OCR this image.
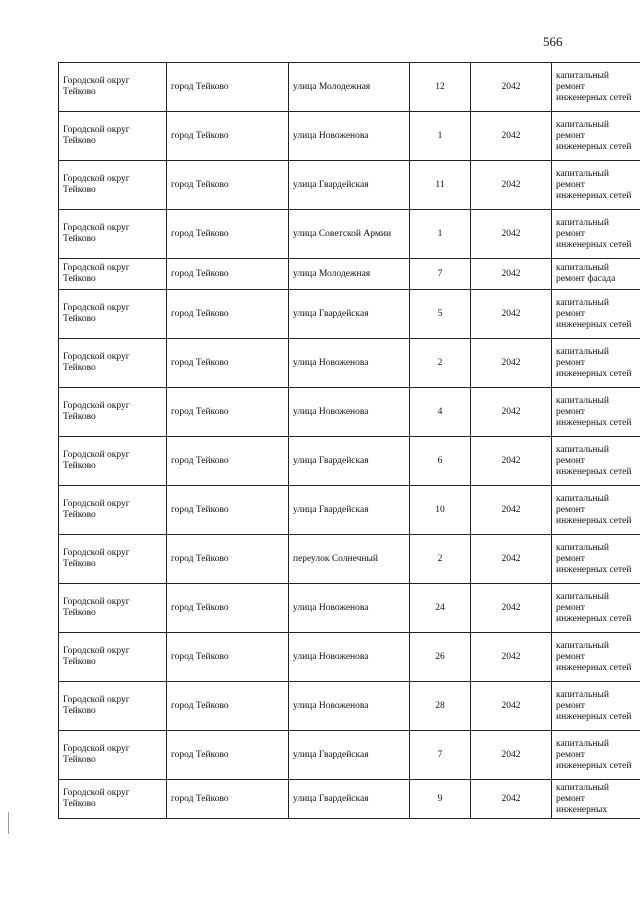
566
Городской округ Тейково	город Тейково	улица Молодежная	12	2042	капитальный ремонт инженерных сетей
Городской округ Тейково	город Тейково	улица Новоженова	1	2042	капитальный ремонт инженерных сетей
Городской округ Тейково	город Тейково	улица Гвардейская	11	2042	капитальный ремонт инженерных сетей
Городской округ Тейково	город Тейково	улица Советской Армии	1	2042	капитальный ремонт инженерных сетей
Городской округ Тейково	город Тейково	улица Молодежная	7	2042	капитальный ремонт фасада
Городской округ Тейково	город Тейково	улица Гвардейская	5	2042	капитальный ремонт инженерных сетей
Городской округ Тейково	город Тейково	улица Новоженова	2	2042	капитальный ремонт инженерных сетей
Городской округ Тейково	город Тейково	улица Новоженова	4	2042	капитальный ремонт инженерных сетей
Городской округ Тейково	город Тейково	улица Гвардейская	6	2042	капитальный ремонт инженерных сетей
Городской округ Тейково	город Тейково	улица Гвардейская	10	2042	капитальный ремонт инженерных сетей
Городской округ Тейково	город Тейково	переулок Солнечный	2	2042	капитальный ремонт инженерных сетей
Городской округ Тейково	город Тейково	улица Новоженова	24	2042	капитальный ремонт инженерных сетей
Городской округ Тейково	город Тейково	улица Новоженова	26	2042	капитальный ремонт инженерных сетей
Городской округ Тейково	город Тейково	улица Новоженова	28	2042	капитальный ремонт инженерных сетей
Городской округ Тейково	город Тейково	улица Гвардейская	7	2042	капитальный ремонт инженерных сетей
Городской округ Тейково	город Тейково	улица Гвардейская	9	2042	капитальный ремонт инженерных
